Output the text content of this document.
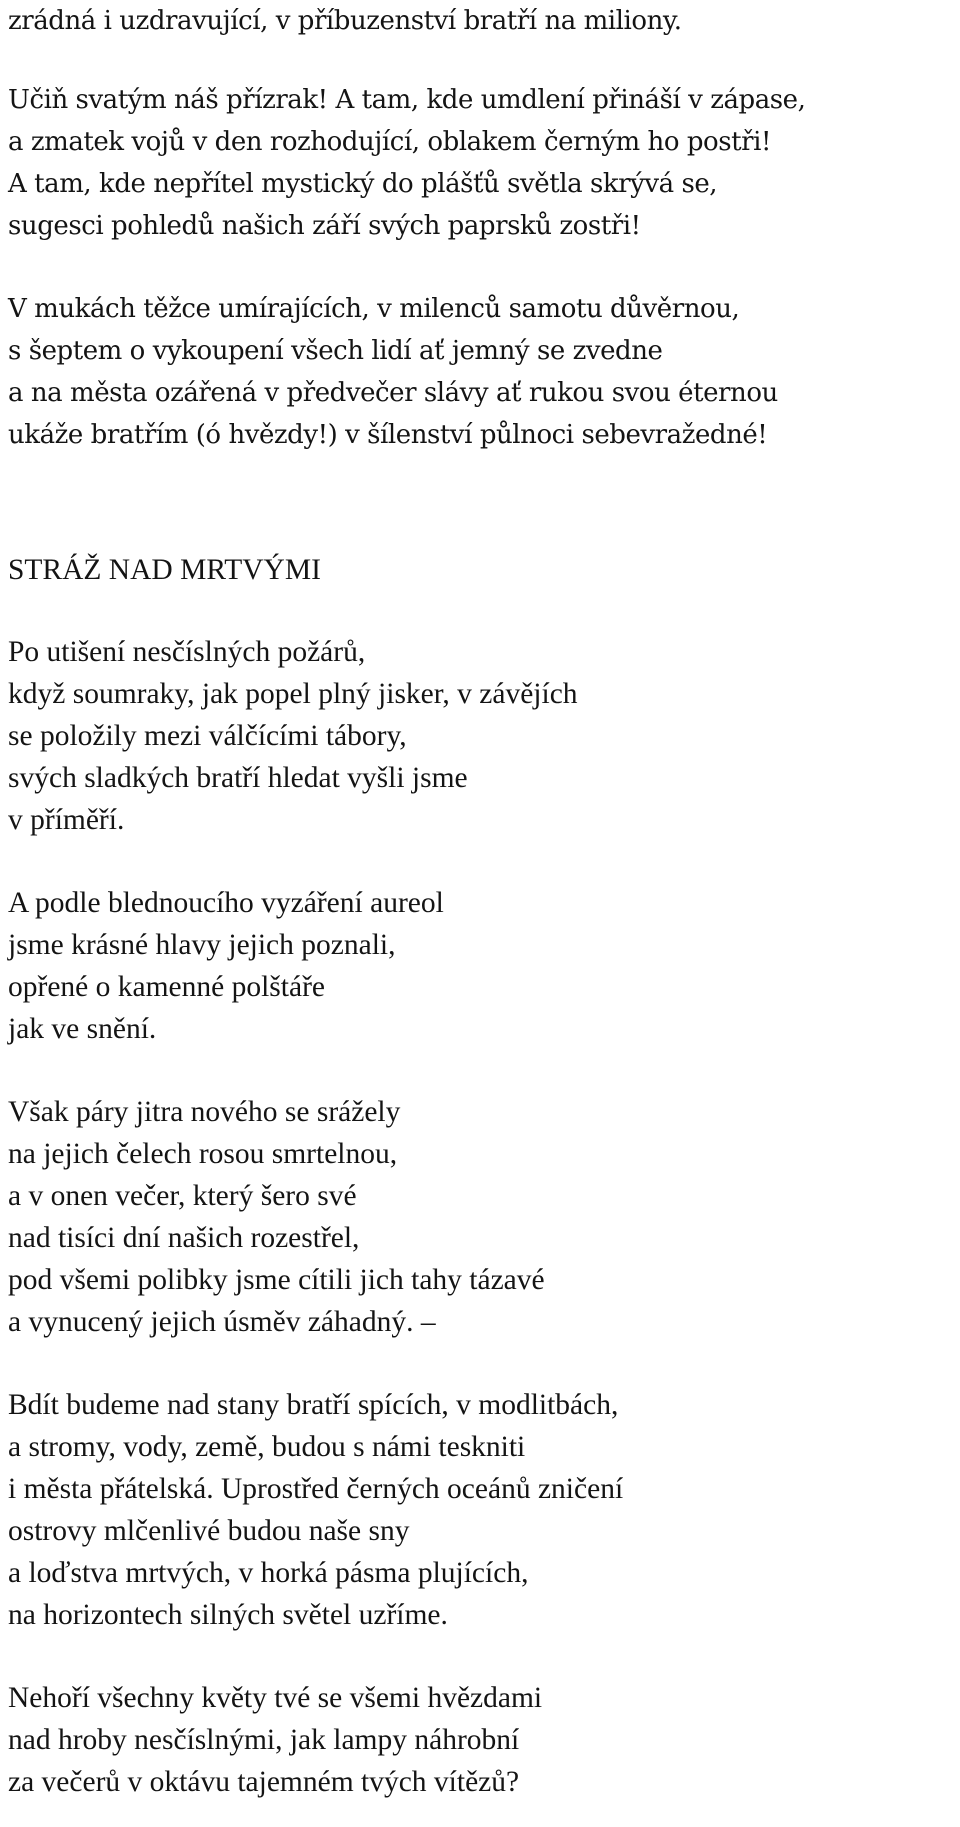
zrádná i uzdravující, v příbuzenství bratří na miliony.
Učiň svatým náš přízrak! A tam, kde umdlení přináší v zápase,
a zmatek vojů v den rozhodující, oblakem černým ho postři!
A tam, kde nepřítel mystický do plášťů světla skrývá se,
sugesci pohledů našich září svých paprsků zostři!
V mukách těžce umírajících, v milenců samotu důvěrnou,
s šeptem o vykoupení všech lidí ať jemný se zvedne
a na města ozářená v předvečer slávy ať rukou svou éternou
ukáže bratřím (ó hvězdy!) v šílenství půlnoci sebevražedné!
STRÁŽ NAD MRTVÝMI
Po utišení nesčíslných požárů,
když soumraky, jak popel plný jisker, v závějích
se položily mezi válčícími tábory,
svých sladkých bratří hledat vyšli jsme
v příměří.
A podle blednoucího vyzáření aureol
jsme krásné hlavy jejich poznali,
opřené o kamenné polštáře
jak ve snění.
Však páry jitra nového se srážely
na jejich čelech rosou smrtelnou,
a v onen večer, který šero své
nad tisíci dní našich rozestřel,
pod všemi polibky jsme cítili jich tahy tázavé
a vynucený jejich úsměv záhadný. –
Bdít budeme nad stany bratří spících, v modlitbách,
a stromy, vody, země, budou s námi teskniti
i města přátelská. Uprostřed černých oceánů zničení
ostrovy mlčenlivé budou naše sny
a loďstva mrtvých, v horká pásma plujících,
na horizontech silných světel uzříme.
Nehoří všechny květy tvé se všemi hvězdami
nad hroby nesčíslnými, jak lampy náhrobní
za večerů v oktávu tajemném tvých vítězů?
